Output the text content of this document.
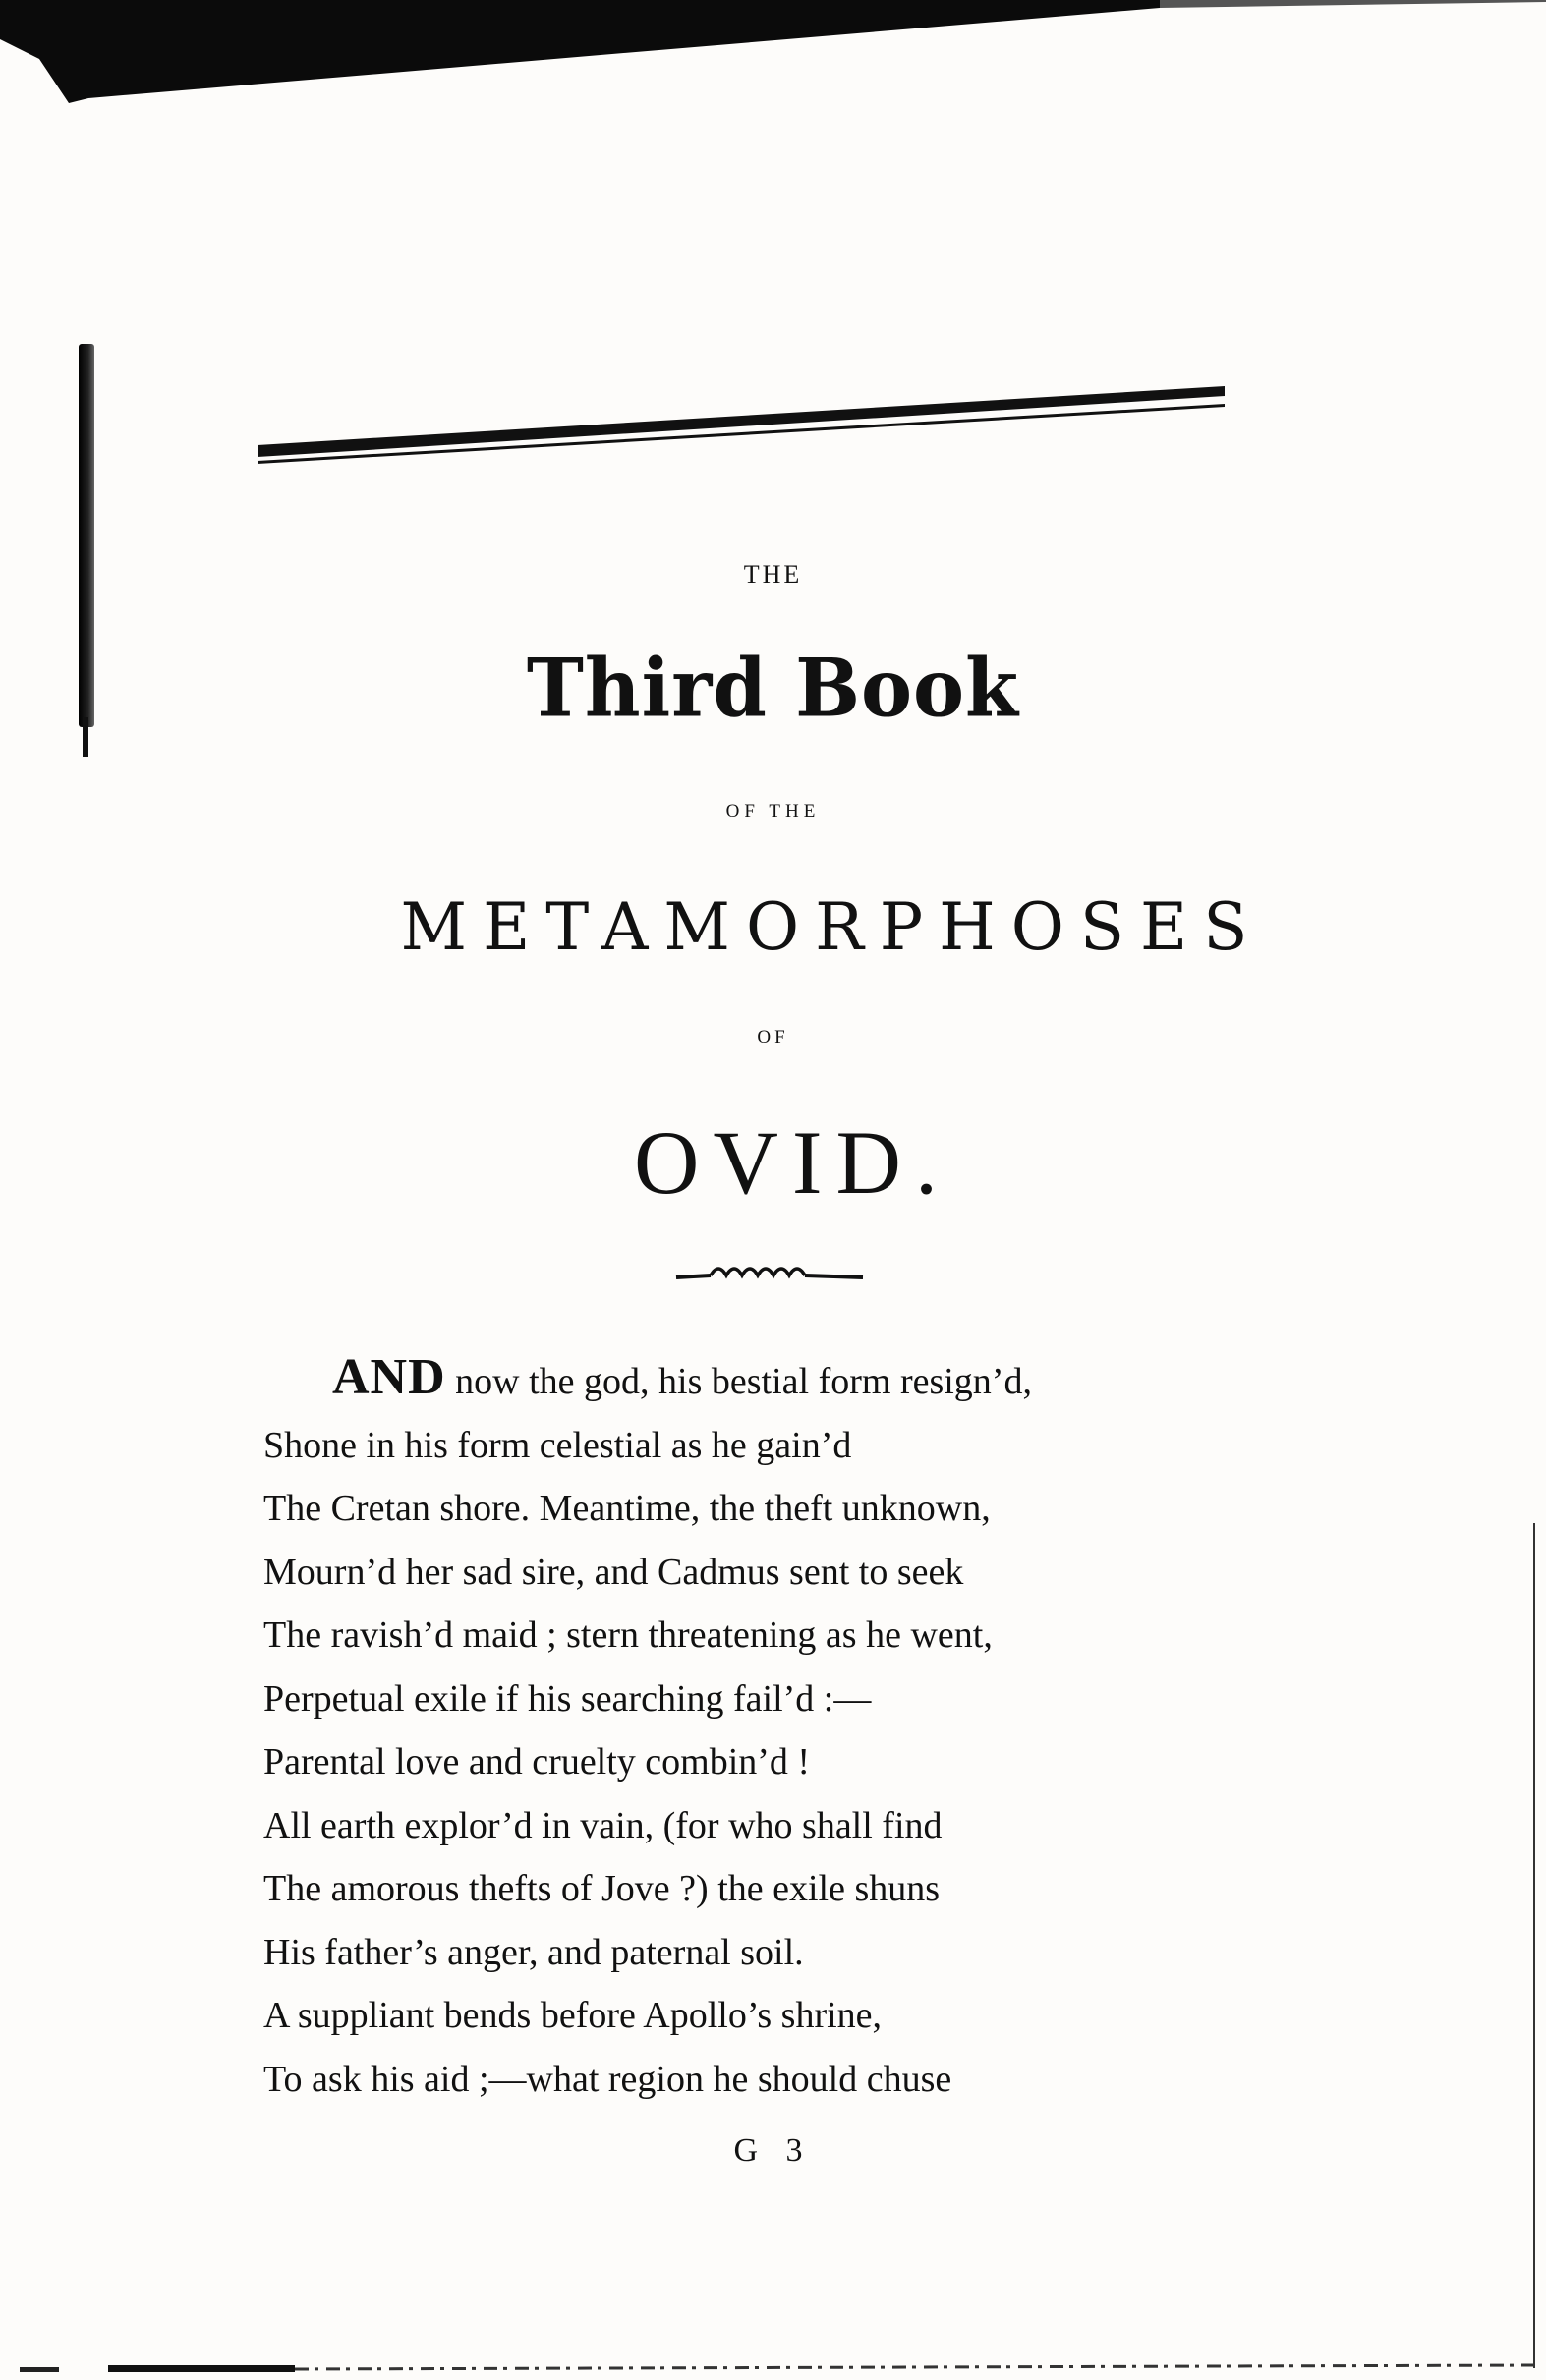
THE
Third Book
OF THE
METAMORPHOSES
OF
OVID.
AND now the god, his bestial form resign’d,
Shone in his form celestial as he gain’d
The Cretan shore. Meantime, the theft unknown,
Mourn’d her sad sire, and Cadmus sent to seek
The ravish’d maid ; stern threatening as he went,
Perpetual exile if his searching fail’d :—
Parental love and cruelty combin’d !
All earth explor’d in vain, (for who shall find
The amorous thefts of Jove ?) the exile shuns
His father’s anger, and paternal soil.
A suppliant bends before Apollo’s shrine,
To ask his aid ;—what region he should chuse
G 3
